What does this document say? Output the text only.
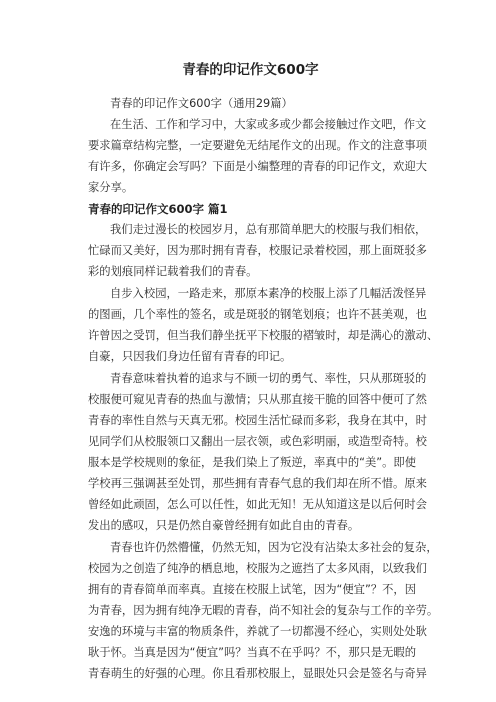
青春的印记作文600字
青春的印记作文600字（通用29篇）
在生活、工作和学习中，大家或多或少都会接触过作文吧，作文
要求篇章结构完整，一定要避免无结尾作文的出现。作文的注意事项
有许多，你确定会写吗？下面是小编整理的青春的印记作文，欢迎大
家分享。
青春的印记作文600字 篇1
我们走过漫长的校园岁月，总有那简单肥大的校服与我们相依，
忙碌而又美好，因为那时拥有青春，校服记录着校园，那上面斑驳多
彩的划痕同样记载着我们的青春。
自步入校园，一路走来，那原本素净的校服上添了几幅活泼怪异
的图画，几个率性的签名，或是斑驳的钢笔划痕；也许不甚美观，也
许曾因之受罚，但当我们静坐抚平下校服的褶皱时，却是满心的激动、
自豪，只因我们身边任留有青春的印记。
青春意味着执着的追求与不顾一切的勇气、率性，只从那斑驳的
校服便可窥见青春的热血与激情；只从那直接干脆的回答中便可了然
青春的率性自然与天真无邪。校园生活忙碌而多彩，我身在其中，时
见同学们从校服领口又翻出一层衣领，或色彩明丽，或造型奇特。校
服本是学校规则的象征，是我们染上了叛逆，率真中的“美”。即使
学校再三强调甚至处罚，那些拥有青春气息的我们却在所不惜。原来
曾经如此顽固，怎么可以任性，如此无知！无从知道这是以后何时会
发出的感叹，只是仍然自豪曾经拥有如此自由的青春。
青春也许仍然懵懂，仍然无知，因为它没有沾染太多社会的复杂，
校园为之创造了纯净的栖息地，校服为之遮挡了太多风雨，以致我们
拥有的青春简单而率真。直接在校服上试笔，因为“便宜”？不，因
为青春，因为拥有纯净无暇的青春，尚不知社会的复杂与工作的辛劳。
安逸的环境与丰富的物质条件，养就了一切都漫不经心，实则处处耿
耿于怀。当真是因为“便宜”吗？当真不在乎吗？不，那只是无暇的
青春萌生的好强的心理。你且看那校服上，显眼处只会是签名与奇异
